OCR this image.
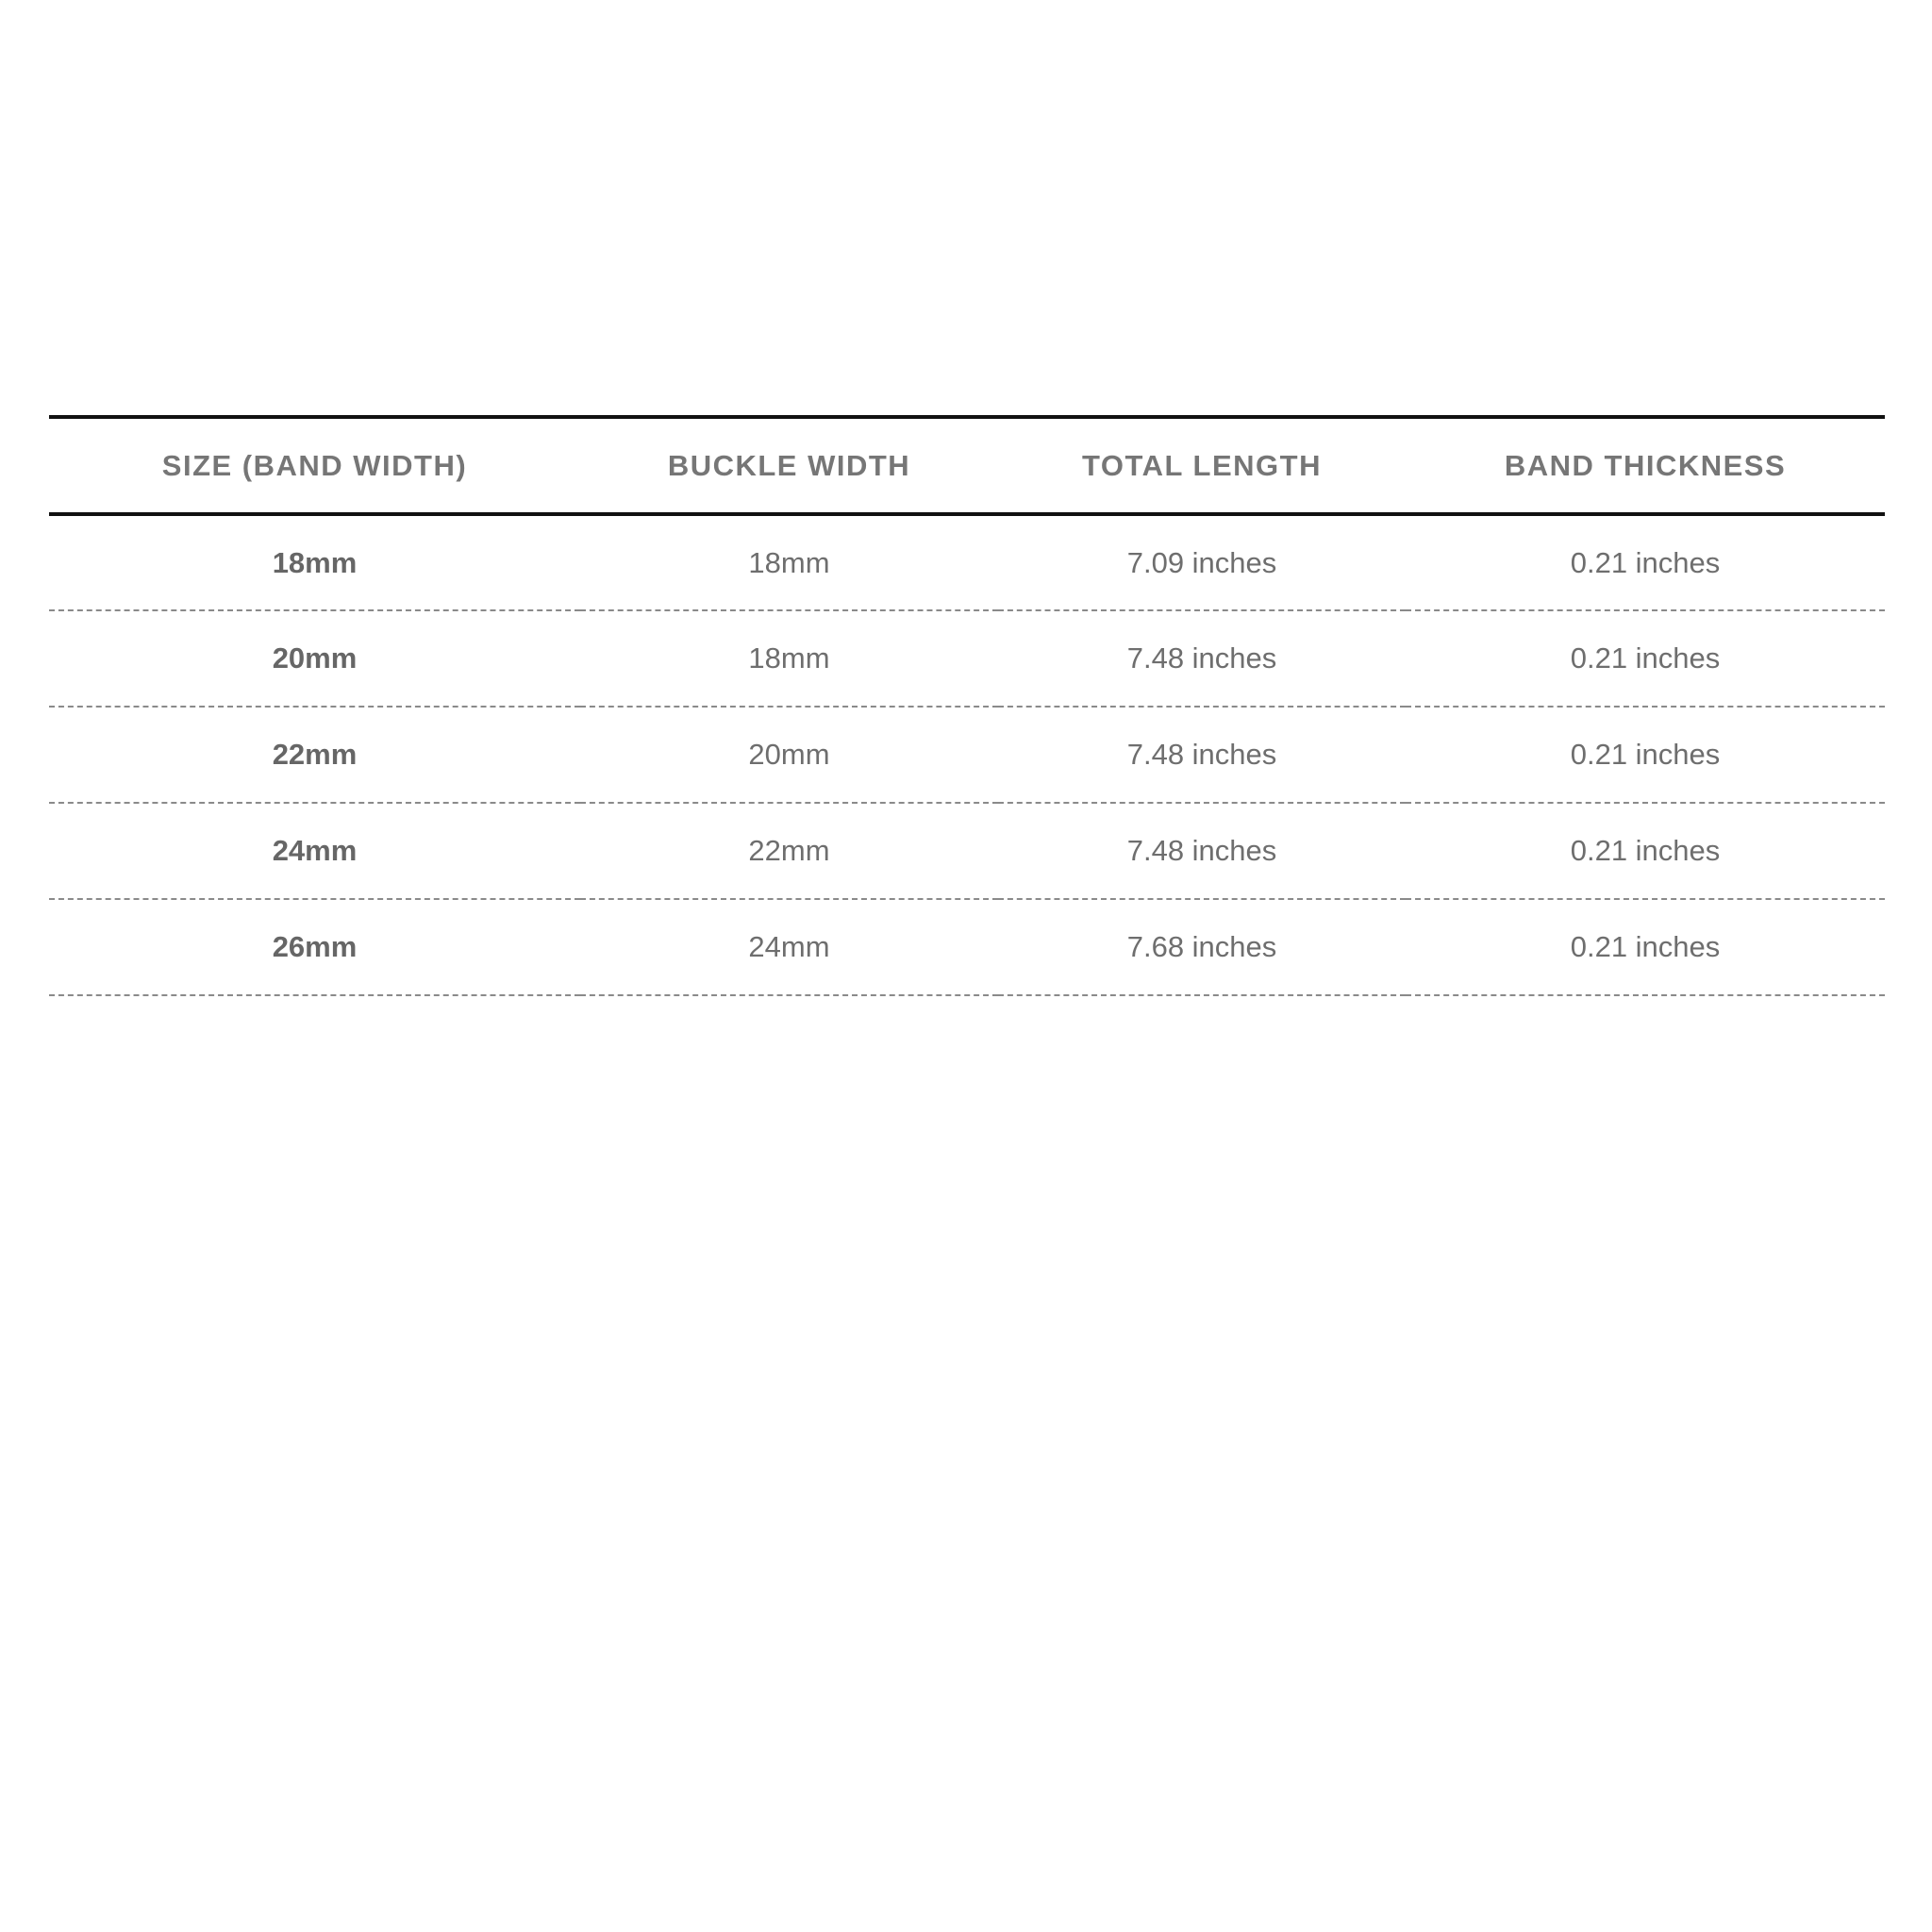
SIZE (BAND WIDTH)	BUCKLE WIDTH	TOTAL LENGTH	BAND THICKNESS
18mm	18mm	7.09 inches	0.21 inches
20mm	18mm	7.48 inches	0.21 inches
22mm	20mm	7.48 inches	0.21 inches
24mm	22mm	7.48 inches	0.21 inches
26mm	24mm	7.68 inches	0.21 inches
